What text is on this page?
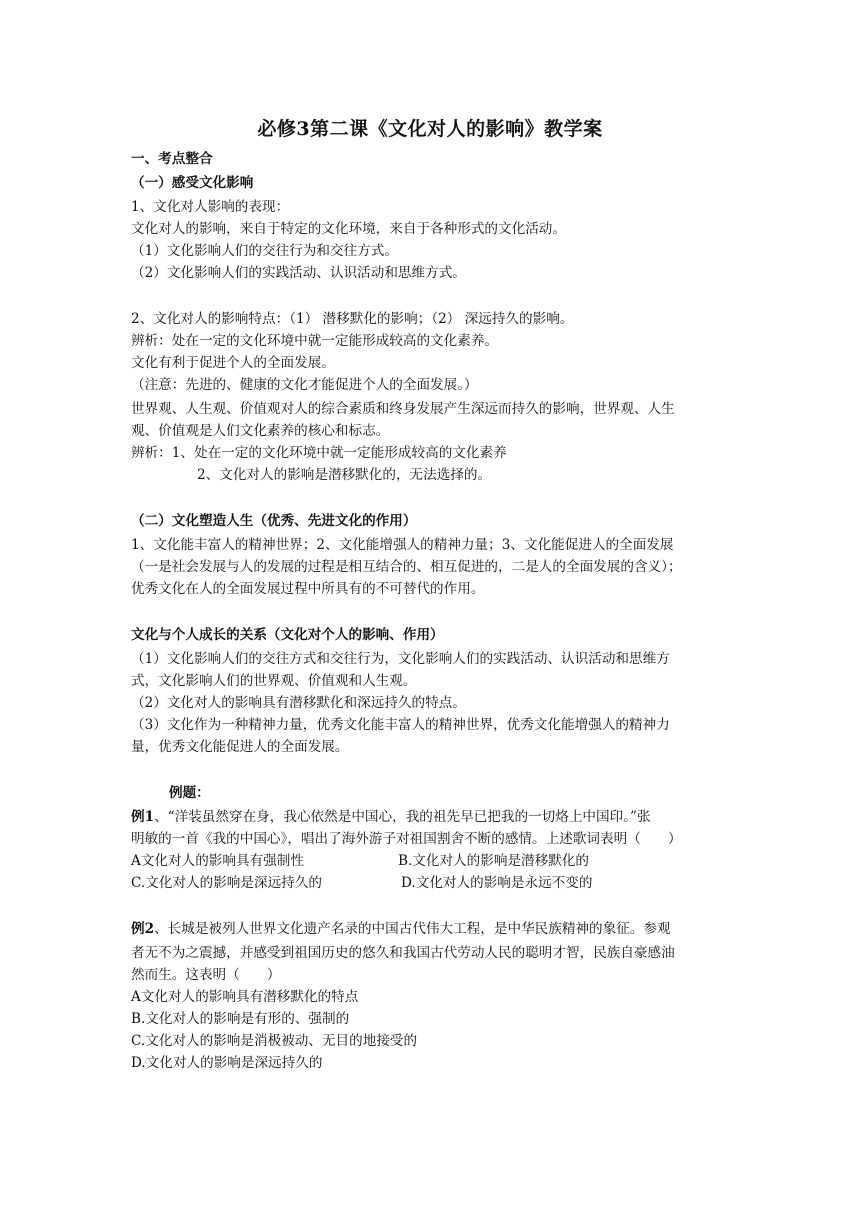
必修3第二课《文化对人的影响》教学案
一、考点整合
（一）感受文化影响
1、文化对人影响的表现：
文化对人的影响，来自于特定的文化环境，来自于各种形式的文化活动。
（1）文化影响人们的交往行为和交往方式。
（2）文化影响人们的实践活动、认识活动和思维方式。
2、文化对人的影响特点：（1） 潜移默化的影响；（2） 深远持久的影响。
辨析：处在一定的文化环境中就一定能形成较高的文化素养。
文化有利于促进个人的全面发展。
（注意：先进的、健康的文化才能促进个人的全面发展。）
世界观、人生观、价值观对人的综合素质和终身发展产生深远而持久的影响，世界观、人生
观、价值观是人们文化素养的核心和标志。
辨析：1、处在一定的文化环境中就一定能形成较高的文化素养
2、文化对人的影响是潜移默化的，无法选择的。
（二）文化塑造人生（优秀、先进文化的作用）
1、文化能丰富人的精神世界；2、文化能增强人的精神力量；3、文化能促进人的全面发展
（一是社会发展与人的发展的过程是相互结合的、相互促进的，二是人的全面发展的含义）；
优秀文化在人的全面发展过程中所具有的不可替代的作用。
文化与个人成长的关系（文化对个人的影响、作用）
（1）文化影响人们的交往方式和交往行为，文化影响人们的实践活动、认识活动和思维方
式，文化影响人们的世界观、价值观和人生观。
（2）文化对人的影响具有潜移默化和深远持久的特点。
（3）文化作为一种精神力量，优秀文化能丰富人的精神世界，优秀文化能增强人的精神力
量，优秀文化能促进人的全面发展。
例题：
例1、“洋装虽然穿在身，我心依然是中国心，我的祖先早已把我的一切烙上中国印。”张
明敏的一首《我的中国心》，唱出了海外游子对祖国割舍不断的感情。上述歌词表明（　　）
A文化对人的影响具有强制性	B.文化对人的影响是潜移默化的
C.文化对人的影响是深远持久的	D.文化对人的影响是永远不变的
例2、长城是被列人世界文化遗产名录的中国古代伟大工程，是中华民族精神的象征。参观
者无不为之震撼，并感受到祖国历史的悠久和我国古代劳动人民的聪明才智，民族自豪感油
然而生。这表明（　　）
A文化对人的影响具有潜移默化的特点
B.文化对人的影响是有形的、强制的
C.文化对人的影响是消极被动、无目的地接受的
D.文化对人的影响是深远持久的
